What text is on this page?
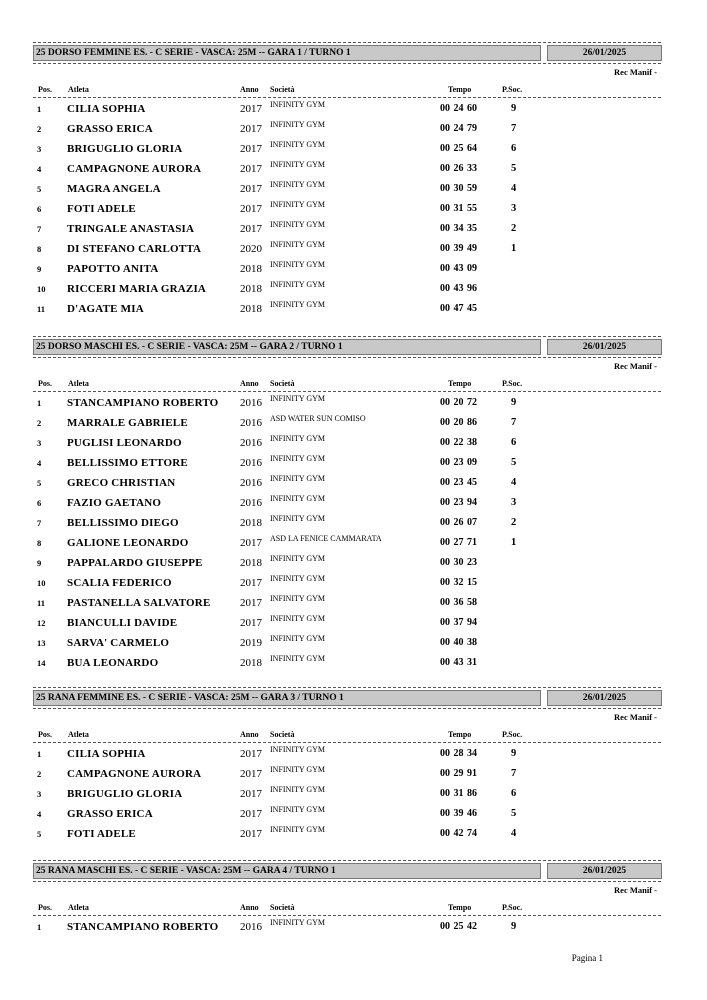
25 DORSO FEMMINE ES. - C SERIE - VASCA: 25M -- GARA 1 / TURNO 1	26/01/2025
Rec Manif -
Pos. Atleta	Anno Società	Tempo	P.Soc.
1 CILIA SOPHIA	2017 INFINITY GYM	00 24 60	9
2 GRASSO ERICA	2017 INFINITY GYM	00 24 79	7
3 BRIGUGLIO GLORIA	2017 INFINITY GYM	00 25 64	6
4 CAMPAGNONE AURORA	2017 INFINITY GYM	00 26 33	5
5 MAGRA ANGELA	2017 INFINITY GYM	00 30 59	4
6 FOTI ADELE	2017 INFINITY GYM	00 31 55	3
7 TRINGALE ANASTASIA	2017 INFINITY GYM	00 34 35	2
8 DI STEFANO CARLOTTA	2020 INFINITY GYM	00 39 49	1
9 PAPOTTO ANITA	2018 INFINITY GYM	00 43 09
10 RICCERI MARIA GRAZIA	2018 INFINITY GYM	00 43 96
11 D'AGATE MIA	2018 INFINITY GYM	00 47 45
25 DORSO MASCHI ES. - C SERIE - VASCA: 25M -- GARA 2 / TURNO 1	26/01/2025
Rec Manif -
Pos. Atleta	Anno Società	Tempo	P.Soc.
1 STANCAMPIANO ROBERTO 2016 INFINITY GYM	00 20 72	9
2 MARRALE GABRIELE	2016 ASD WATER SUN COMISO	00 20 86	7
3 PUGLISI LEONARDO	2016 INFINITY GYM	00 22 38	6
4 BELLISSIMO ETTORE	2016 INFINITY GYM	00 23 09	5
5 GRECO CHRISTIAN	2016 INFINITY GYM	00 23 45	4
6 FAZIO GAETANO	2016 INFINITY GYM	00 23 94	3
7 BELLISSIMO DIEGO	2018 INFINITY GYM	00 26 07	2
8 GALIONE LEONARDO	2017 ASD LA FENICE CAMMARATA	00 27 71	1
9 PAPPALARDO GIUSEPPE	2018 INFINITY GYM	00 30 23
10 SCALIA FEDERICO	2017 INFINITY GYM	00 32 15
11 PASTANELLA SALVATORE	2017 INFINITY GYM	00 36 58
12 BIANCULLI DAVIDE	2017 INFINITY GYM	00 37 94
13 SARVA' CARMELO	2019 INFINITY GYM	00 40 38
14 BUA LEONARDO	2018 INFINITY GYM	00 43 31
25 RANA FEMMINE ES. - C SERIE - VASCA: 25M -- GARA 3 / TURNO 1	26/01/2025
Rec Manif -
Pos. Atleta	Anno Società	Tempo	P.Soc.
1 CILIA SOPHIA	2017 INFINITY GYM	00 28 34	9
2 CAMPAGNONE AURORA	2017 INFINITY GYM	00 29 91	7
3 BRIGUGLIO GLORIA	2017 INFINITY GYM	00 31 86	6
4 GRASSO ERICA	2017 INFINITY GYM	00 39 46	5
5 FOTI ADELE	2017 INFINITY GYM	00 42 74	4
25 RANA MASCHI ES. - C SERIE - VASCA: 25M -- GARA 4 / TURNO 1	26/01/2025
Rec Manif -
Pos. Atleta	Anno Società	Tempo	P.Soc.
1 STANCAMPIANO ROBERTO 2016 INFINITY GYM	00 25 42	9
Pagina 1
